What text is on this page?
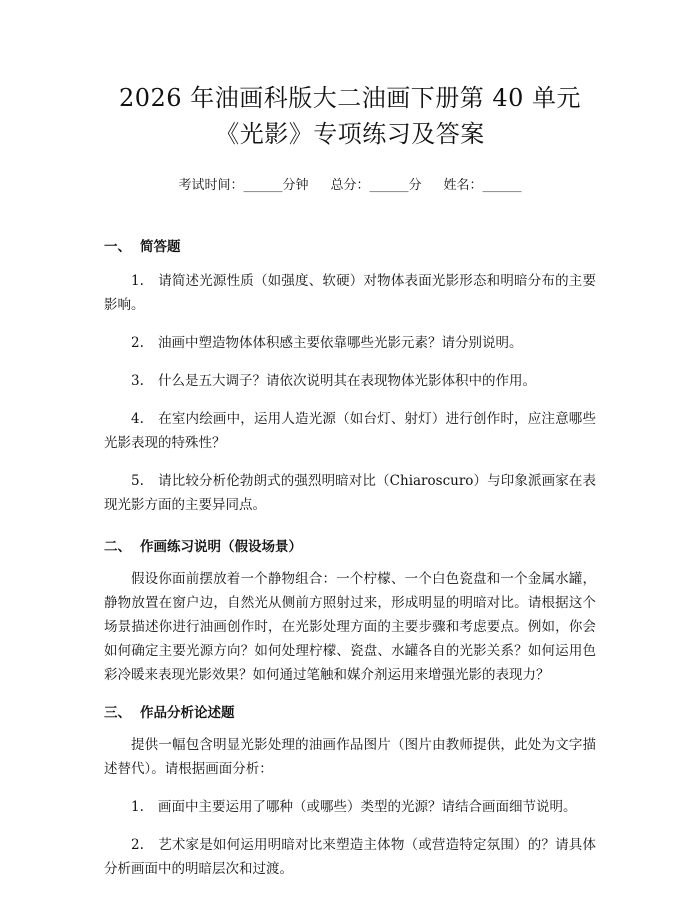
2026 年油画科版大二油画下册第 40 单元
《光影》专项练习及答案
考试时间：______分钟 总分：______分 姓名：______
一、 简答题

1. 请简述光源性质（如强度、软硬）对物体表面光影形态和明暗分布的主要影响。

2. 油画中塑造物体体积感主要依靠哪些光影元素？请分别说明。

3. 什么是五大调子？请依次说明其在表现物体光影体积中的作用。

4. 在室内绘画中，运用人造光源（如台灯、射灯）进行创作时，应注意哪些光影表现的特殊性？

5. 请比较分析伦勃朗式的强烈明暗对比（Chiaroscuro）与印象派画家在表现光影方面的主要异同点。

二、 作画练习说明（假设场景）

假设你面前摆放着一个静物组合：一个柠檬、一个白色瓷盘和一个金属水罐，静物放置在窗户边，自然光从侧前方照射过来，形成明显的明暗对比。请根据这个场景描述你进行油画创作时，在光影处理方面的主要步骤和考虑要点。例如，你会如何确定主要光源方向？如何处理柠檬、瓷盘、水罐各自的光影关系？如何运用色彩冷暖来表现光影效果？如何通过笔触和媒介剂运用来增强光影的表现力？

三、 作品分析论述题

提供一幅包含明显光影处理的油画作品图片（图片由教师提供，此处为文字描述替代）。请根据画面分析：

1. 画面中主要运用了哪种（或哪些）类型的光源？请结合画面细节说明。

2. 艺术家是如何运用明暗对比来塑造主体物（或营造特定氛围）的？请具体分析画面中的明暗层次和过渡。
